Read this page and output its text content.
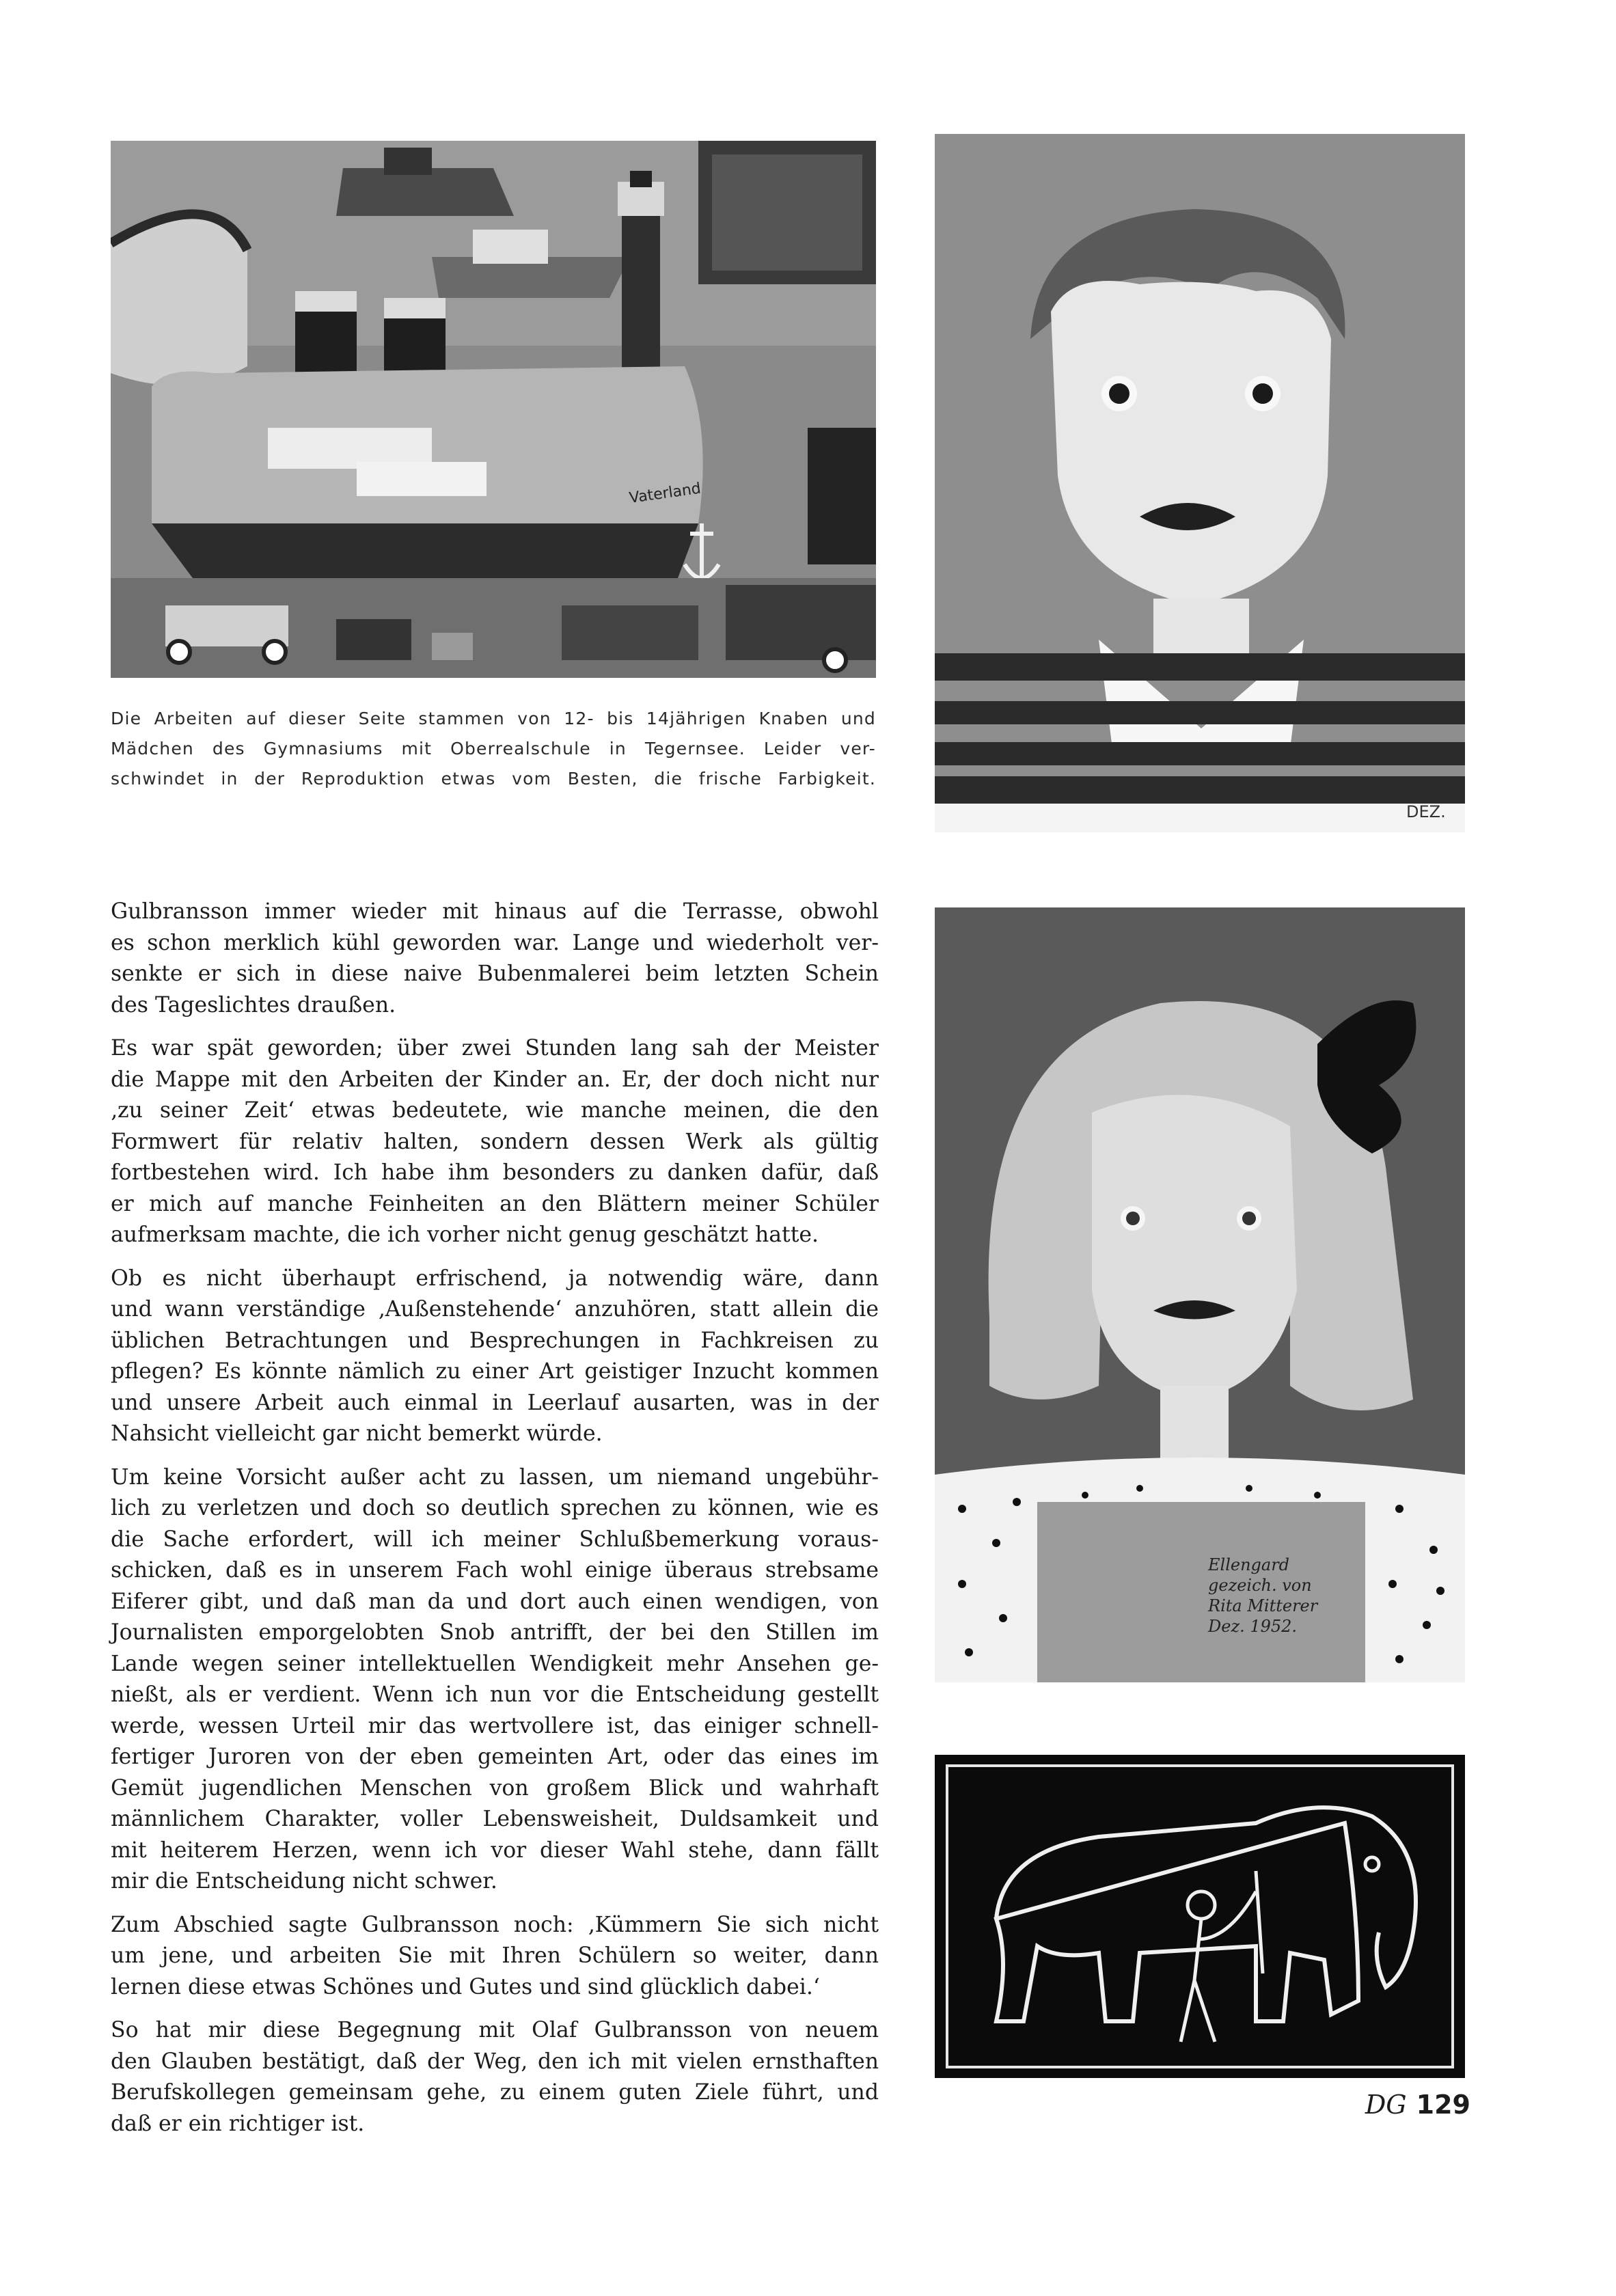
Vaterland
DEZ.
Ellengard gezeich. von Rita Mitterer Dez. 1952.
Die Arbeiten auf dieser Seite stammen von 12- bis 14jährigen Knaben und
Mädchen des Gymnasiums mit Oberrealschule in Tegernsee. Leider ver-
schwindet in der Reproduktion etwas vom Besten, die frische Farbigkeit.
Gulbransson immer wieder mit hinaus auf die Terrasse, obwohl
es schon merklich kühl geworden war. Lange und wiederholt ver-
senkte er sich in diese naive Bubenmalerei beim letzten Schein
des Tageslichtes draußen.
Es war spät geworden; über zwei Stunden lang sah der Meister
die Mappe mit den Arbeiten der Kinder an. Er, der doch nicht nur
‚zu seiner Zeit‘ etwas bedeutete, wie manche meinen, die den
Formwert für relativ halten, sondern dessen Werk als gültig
fortbestehen wird. Ich habe ihm besonders zu danken dafür, daß
er mich auf manche Feinheiten an den Blättern meiner Schüler
aufmerksam machte, die ich vorher nicht genug geschätzt hatte.
Ob es nicht überhaupt erfrischend, ja notwendig wäre, dann
und wann verständige ‚Außenstehende‘ anzuhören, statt allein die
üblichen Betrachtungen und Besprechungen in Fachkreisen zu
pflegen? Es könnte nämlich zu einer Art geistiger Inzucht kommen
und unsere Arbeit auch einmal in Leerlauf ausarten, was in der
Nahsicht vielleicht gar nicht bemerkt würde.
Um keine Vorsicht außer acht zu lassen, um niemand ungebühr-
lich zu verletzen und doch so deutlich sprechen zu können, wie es
die Sache erfordert, will ich meiner Schlußbemerkung voraus-
schicken, daß es in unserem Fach wohl einige überaus strebsame
Eiferer gibt, und daß man da und dort auch einen wendigen, von
Journalisten emporgelobten Snob antrifft, der bei den Stillen im
Lande wegen seiner intellektuellen Wendigkeit mehr Ansehen ge-
nießt, als er verdient. Wenn ich nun vor die Entscheidung gestellt
werde, wessen Urteil mir das wertvollere ist, das einiger schnell-
fertiger Juroren von der eben gemeinten Art, oder das eines im
Gemüt jugendlichen Menschen von großem Blick und wahrhaft
männlichem Charakter, voller Lebensweisheit, Duldsamkeit und
mit heiterem Herzen, wenn ich vor dieser Wahl stehe, dann fällt
mir die Entscheidung nicht schwer.
Zum Abschied sagte Gulbransson noch: ‚Kümmern Sie sich nicht
um jene, und arbeiten Sie mit Ihren Schülern so weiter, dann
lernen diese etwas Schönes und Gutes und sind glücklich dabei.‘
So hat mir diese Begegnung mit Olaf Gulbransson von neuem
den Glauben bestätigt, daß der Weg, den ich mit vielen ernsthaften
Berufskollegen gemeinsam gehe, zu einem guten Ziele führt, und
daß er ein richtiger ist.
DG 129
